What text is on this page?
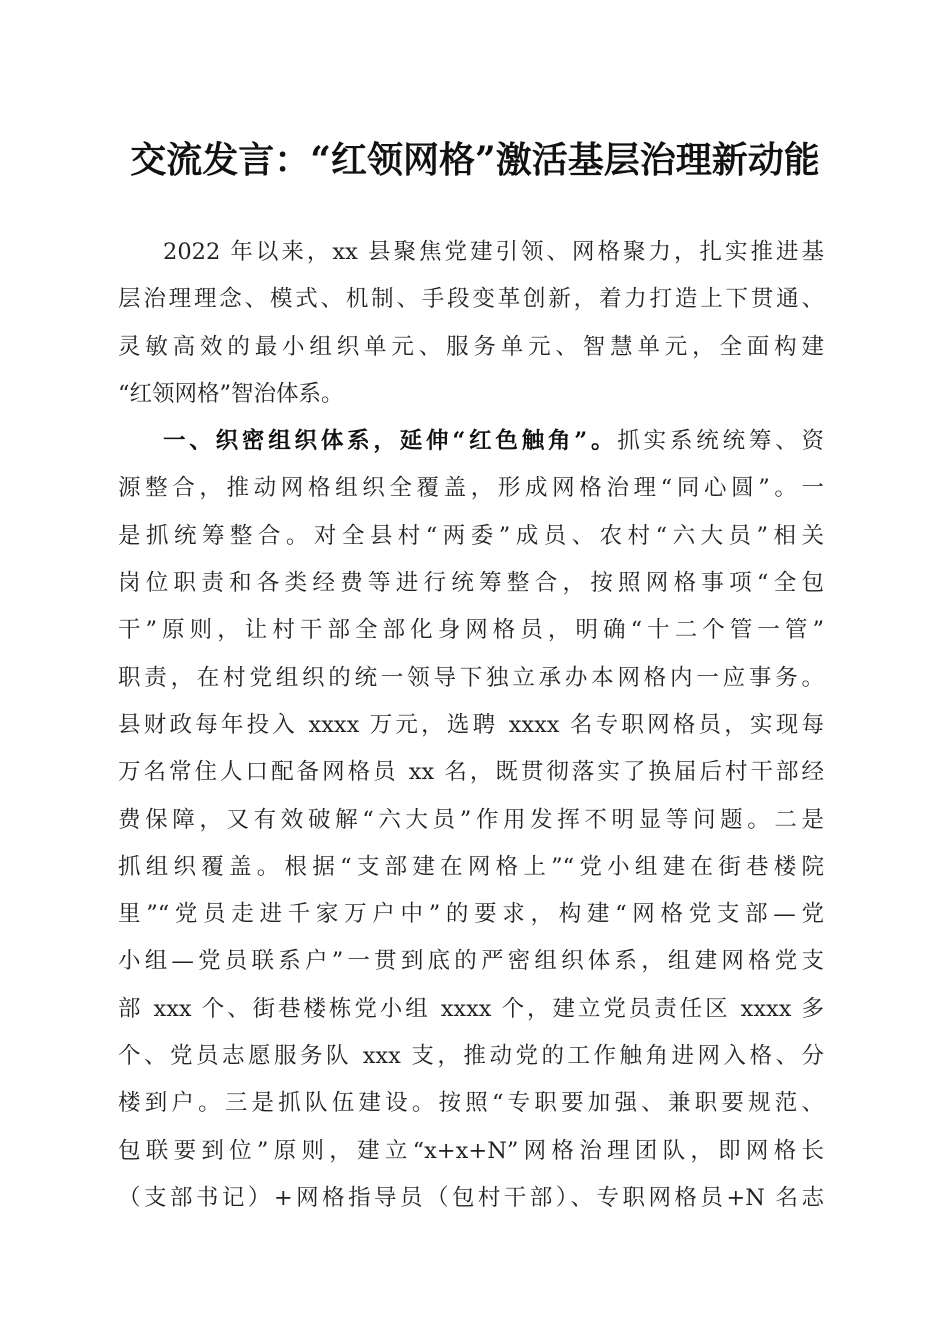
交流发言：“红领网格”激活基层治理新动能
2022 年以来，xx 县聚焦党建引领、网格聚力，扎实推进基
层治理理念、模式、机制、手段变革创新，着力打造上下贯通、
灵敏高效的最小组织单元、服务单元、智慧单元，全面构建
“红领网格”智治体系。
一、织密组织体系，延伸“红色触角”。抓实系统统筹、资
源整合，推动网格组织全覆盖，形成网格治理“同心圆”。一
是抓统筹整合。对全县村“两委”成员、农村“六大员”相关
岗位职责和各类经费等进行统筹整合，按照网格事项“全包
干”原则，让村干部全部化身网格员，明确“十二个管一管”
职责，在村党组织的统一领导下独立承办本网格内一应事务。
县财政每年投入 xxxx 万元，选聘 xxxx 名专职网格员，实现每
万名常住人口配备网格员 xx 名，既贯彻落实了换届后村干部经
费保障，又有效破解“六大员”作用发挥不明显等问题。二是
抓组织覆盖。根据“支部建在网格上”“党小组建在街巷楼院
里”“党员走进千家万户中”的要求，构建“网格党支部—党
小组—党员联系户”一贯到底的严密组织体系，组建网格党支
部 xxx 个、街巷楼栋党小组 xxxx 个，建立党员责任区 xxxx 多
个、党员志愿服务队 xxx 支，推动党的工作触角进网入格、分
楼到户。三是抓队伍建设。按照“专职要加强、兼职要规范、
包联要到位”原则，建立“x+x+N”网格治理团队，即网格长
（支部书记）+网格指导员（包村干部）、专职网格员+N 名志
